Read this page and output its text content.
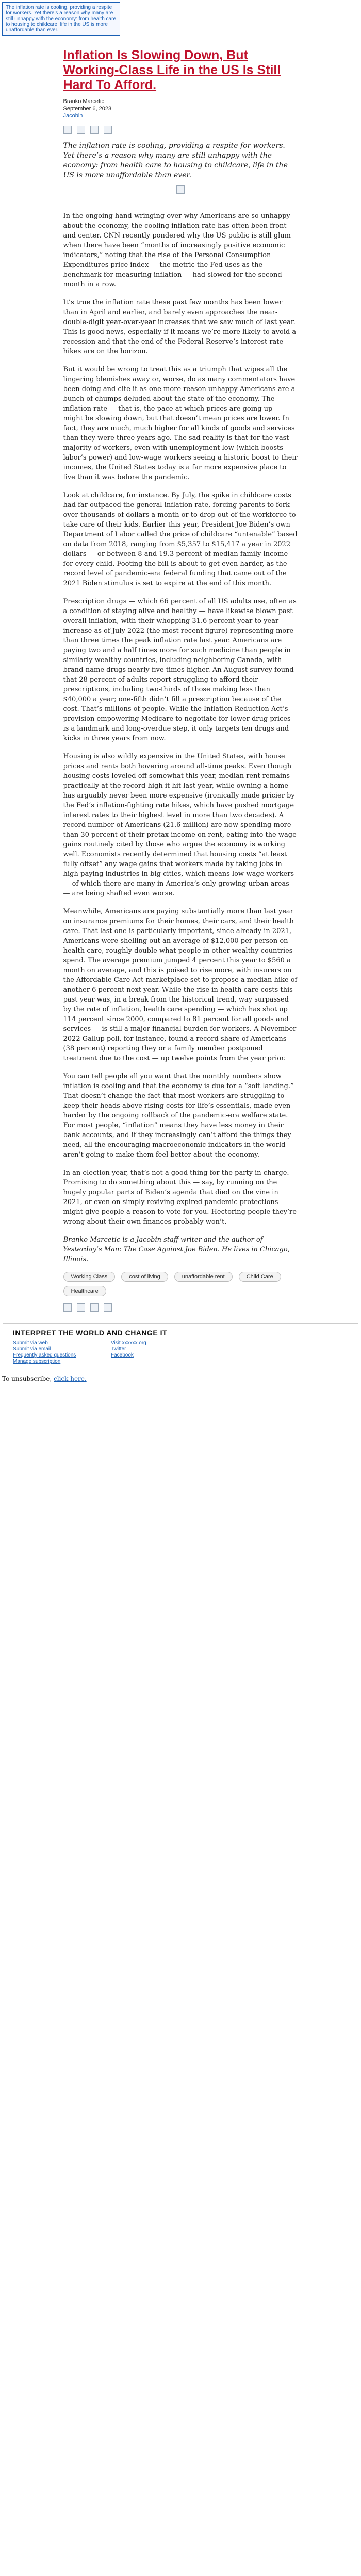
The inflation rate is cooling, providing a respite for workers. Yet there’s a reason why many are still unhappy with the economy: from health care to housing to childcare, life in the US is more unaffordable than ever.
Inflation Is Slowing Down, But Working-Class Life in the US Is Still Hard To Afford.
Branko Marcetic
September 6, 2023
Jacobin
The inflation rate is cooling, providing a respite for workers. Yet there’s a reason why many are still unhappy with the economy: from health care to housing to childcare, life in the US is more unaffordable than ever.

In the ongoing hand-wringing over why Americans are so unhappy about the economy, the cooling inflation rate has often been front and center. CNN recently pondered why the US public is still glum when there have been “months of increasingly positive economic indicators,” noting that the rise of the Personal Consumption Expenditures price index — the metric the Fed uses as the benchmark for measuring inflation — had slowed for the second month in a row.

It’s true the inflation rate these past few months has been lower than in April and earlier, and barely even approaches the near-double-digit year-over-year increases that we saw much of last year. This is good news, especially if it means we’re more likely to avoid a recession and that the end of the Federal Reserve’s interest rate hikes are on the horizon.

But it would be wrong to treat this as a triumph that wipes all the lingering blemishes away or, worse, do as many commentators have been doing and cite it as one more reason unhappy Americans are a bunch of chumps deluded about the state of the economy. The inflation rate — that is, the pace at which prices are going up — might be slowing down, but that doesn’t mean prices are lower. In fact, they are much, much higher for all kinds of goods and services than they were three years ago. The sad reality is that for the vast majority of workers, even with unemployment low (which boosts labor’s power) and low-wage workers seeing a historic boost to their incomes, the United States today is a far more expensive place to live than it was before the pandemic.

Look at childcare, for instance. By July, the spike in childcare costs had far outpaced the general inflation rate, forcing parents to fork over thousands of dollars a month or to drop out of the workforce to take care of their kids. Earlier this year, President Joe Biden’s own Department of Labor called the price of childcare “untenable” based on data from 2018, ranging from $5,357 to $15,417 a year in 2022 dollars — or between 8 and 19.3 percent of median family income for every child. Footing the bill is about to get even harder, as the record level of pandemic-era federal funding that came out of the 2021 Biden stimulus is set to expire at the end of this month.

Prescription drugs — which 66 percent of all US adults use, often as a condition of staying alive and healthy — have likewise blown past overall inflation, with their whopping 31.6 percent year-to-year increase as of July 2022 (the most recent figure) representing more than three times the peak inflation rate last year. Americans are paying two and a half times more for such medicine than people in similarly wealthy countries, including neighboring Canada, with brand-name drugs nearly five times higher. An August survey found that 28 percent of adults report struggling to afford their prescriptions, including two-thirds of those making less than $40,000 a year; one-fifth didn’t fill a prescription because of the cost. That’s millions of people. While the Inflation Reduction Act’s provision empowering Medicare to negotiate for lower drug prices is a landmark and long-overdue step, it only targets ten drugs and kicks in three years from now.

Housing is also wildly expensive in the United States, with house prices and rents both hovering around all-time peaks. Even though housing costs leveled off somewhat this year, median rent remains practically at the record high it hit last year, while owning a home has arguably never been more expensive (ironically made pricier by the Fed’s inflation-fighting rate hikes, which have pushed mortgage interest rates to their highest level in more than two decades). A record number of Americans (21.6 million) are now spending more than 30 percent of their pretax income on rent, eating into the wage gains routinely cited by those who argue the economy is working well. Economists recently determined that housing costs “at least fully offset” any wage gains that workers made by taking jobs in high-paying industries in big cities, which means low-wage workers — of which there are many in America’s only growing urban areas — are being shafted even worse.

Meanwhile, Americans are paying substantially more than last year on insurance premiums for their homes, their cars, and their health care. That last one is particularly important, since already in 2021, Americans were shelling out an average of $12,000 per person on health care, roughly double what people in other wealthy countries spend. The average premium jumped 4 percent this year to $560 a month on average, and this is poised to rise more, with insurers on the Affordable Care Act marketplace set to propose a median hike of another 6 percent next year. While the rise in health care costs this past year was, in a break from the historical trend, way surpassed by the rate of inflation, health care spending — which has shot up 114 percent since 2000, compared to 81 percent for all goods and services — is still a major financial burden for workers. A November 2022 Gallup poll, for instance, found a record share of Americans (38 percent) reporting they or a family member postponed treatment due to the cost — up twelve points from the year prior.

You can tell people all you want that the monthly numbers show inflation is cooling and that the economy is due for a “soft landing.” That doesn’t change the fact that most workers are struggling to keep their heads above rising costs for life’s essentials, made even harder by the ongoing rollback of the pandemic-era welfare state. For most people, “inflation” means they have less money in their bank accounts, and if they increasingly can’t afford the things they need, all the encouraging macroeconomic indicators in the world aren’t going to make them feel better about the economy.

In an election year, that’s not a good thing for the party in charge. Promising to do something about this — say, by running on the hugely popular parts of Biden’s agenda that died on the vine in 2021, or even on simply reviving expired pandemic protections — might give people a reason to vote for you. Hectoring people they’re wrong about their own finances probably won’t.

Branko Marcetic is a Jacobin staff writer and the author of Yesterday’s Man: The Case Against Joe Biden. He lives in Chicago, Illinois.

Working Class	cost of living	unaffordable rent	Child Care
Healthcare
INTERPRET THE WORLD AND CHANGE IT
Submit via web
Submit via email
Frequently asked questions
Manage subscription
Visit xxxxxx.org
Twitter
Facebook
To unsubscribe, click here.
